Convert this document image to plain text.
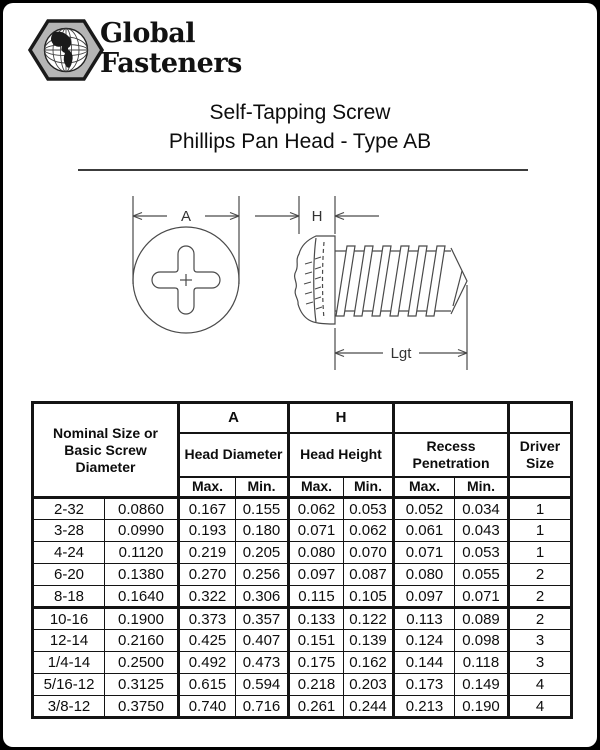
Global
Fasteners
Self-Tapping Screw
Phillips Pan Head - Type AB
A	H
Lgt
Nominal Size or Basic Screw Diameter		A		H				
		Head Diameter		Head Height		Recess Penetration		Driver Size
		Max.	Min.	Max.	Min.	Max.	Min.	
2-32	0.0860	0.167	0.155	0.062	0.053	0.052	0.034	1
3-28	0.0990	0.193	0.180	0.071	0.062	0.061	0.043	1
4-24	0.1120	0.219	0.205	0.080	0.070	0.071	0.053	1
6-20	0.1380	0.270	0.256	0.097	0.087	0.080	0.055	2
8-18	0.1640	0.322	0.306	0.115	0.105	0.097	0.071	2
10-16	0.1900	0.373	0.357	0.133	0.122	0.113	0.089	2
12-14	0.2160	0.425	0.407	0.151	0.139	0.124	0.098	3
1/4-14	0.2500	0.492	0.473	0.175	0.162	0.144	0.118	3
5/16-12	0.3125	0.615	0.594	0.218	0.203	0.173	0.149	4
3/8-12	0.3750	0.740	0.716	0.261	0.244	0.213	0.190	4
